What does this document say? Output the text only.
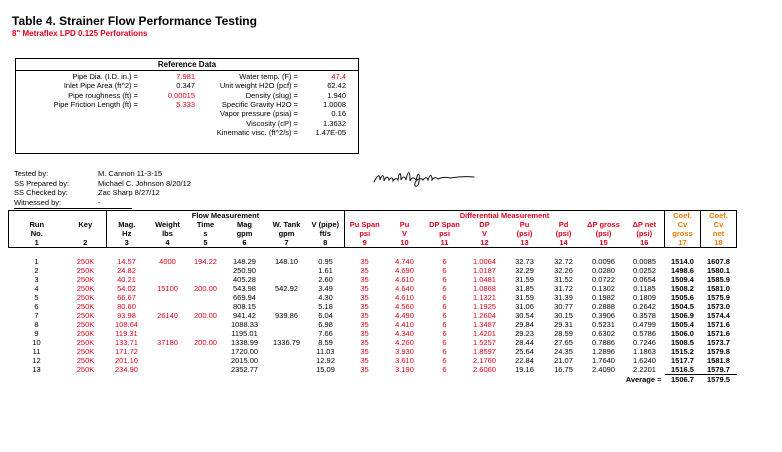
Table 4. Strainer Flow Performance Testing
8" Metraflex LPD 0.125 Perforations
Reference Data
Pipe Dia. (I.D. in.) =	7.981
Inlet Pipe Area (ft^2) =	0.347
Pipe roughness (ft) =	0.00015
Pipe Friction Length (ft) =	5.333
Water temp. (F) =	47.4
Unit weight H2O (pcf) =	62.42
Density (slug) =	1.940
Specific Gravity H2O =	1.0008
Vapor pressure (psia) =	0.16
Viscosity (cP) =	1.3632
Kinematic visc. (ft^2/s) = 1.47E-05
Tested by:	M. Cannon 11-3-15
SS Prepared by:	Michael C. Johnson 8/20/12
SS Checked by:	Zac Sharp 8/27/12
Witnessed by:	-
		Flow Measurement						Differential Measurement								Coef.	Coef.
Run	Key	Mag.	Weight	Time	Mag	W. Tank	V (pipe)	Pu Span	Pu	DP Span	DP	Pu	Pd	ΔP gross	ΔP net	Cv	Cv
No.		Hz	lbs	s	gpm	gpm	ft/s	psi	V	psi	V	(psi)	(psi)	(psi)	(psi)	gross	net
1	2	3	4	5	6	7	8	9	10	11	12	13	14	15	16	17	18

1	250K	14.57	4000	194.22	148.29	148.10	0.95	35	4.740	6	1.0064	32.73	32.72	0.0096	0.0085	1514.0	1607.8
2	250K	24.82			250.90		1.61	35	4.690	6	1.0187	32.29	32.26	0.0280	0.0252	1498.6	1580.1
3	250K	40.21			405.28		2.60	35	4.610	6	1.0481	31.59	31.52	0.0722	0.0654	1509.4	1585.9
4	250K	54.02	15100	200.00	543.98	542.92	3.49	35	4.640	6	1.0868	31.85	31.72	0.1302	0.1185	1508.2	1581.0
5	250K	66.67			669.94		4.30	35	4.610	6	1.1321	31.59	31.39	0.1982	0.1809	1505.6	1575.9
6	250K	80.60			808.15		5.18	35	4.560	6	1.1925	31.06	30.77	0.2888	0.2642	1504.5	1573.0
7	250K	93.98	26140	200.00	941.42	939.86	6.04	35	4.490	6	1.2604	30.54	30.15	0.3906	0.3578	1506.9	1574.4
8	250K	108.64			1088.33		6.98	35	4.410	6	1.3487	29.84	29.31	0.5231	0.4799	1505.4	1571.6
9	250K	119.31			1195.01		7.66	35	4.340	6	1.4201	29.23	28.59	0.6302	0.5786	1506.0	1571.6
10	250K	133.71	37180	200.00	1338.99	1336.79	8.59	35	4.260	6	1.5257	28.44	27.65	0.7886	0.7246	1508.5	1573.7
11	250K	171.72			1720.00		11.03	35	3.930	6	1.8597	25.64	24.35	1.2896	1.1863	1515.2	1579.8
12	250K	201.10			2015.00		12.92	35	3.610	6	2.1760	22.84	21.07	1.7640	1.6240	1517.7	1581.8
13	250K	234.90			2352.77		15.09	35	3.190	6	2.6060	19.16	16.75	2.4090	2.2201	1516.5	1579.7
Average =																1506.7	1579.5
